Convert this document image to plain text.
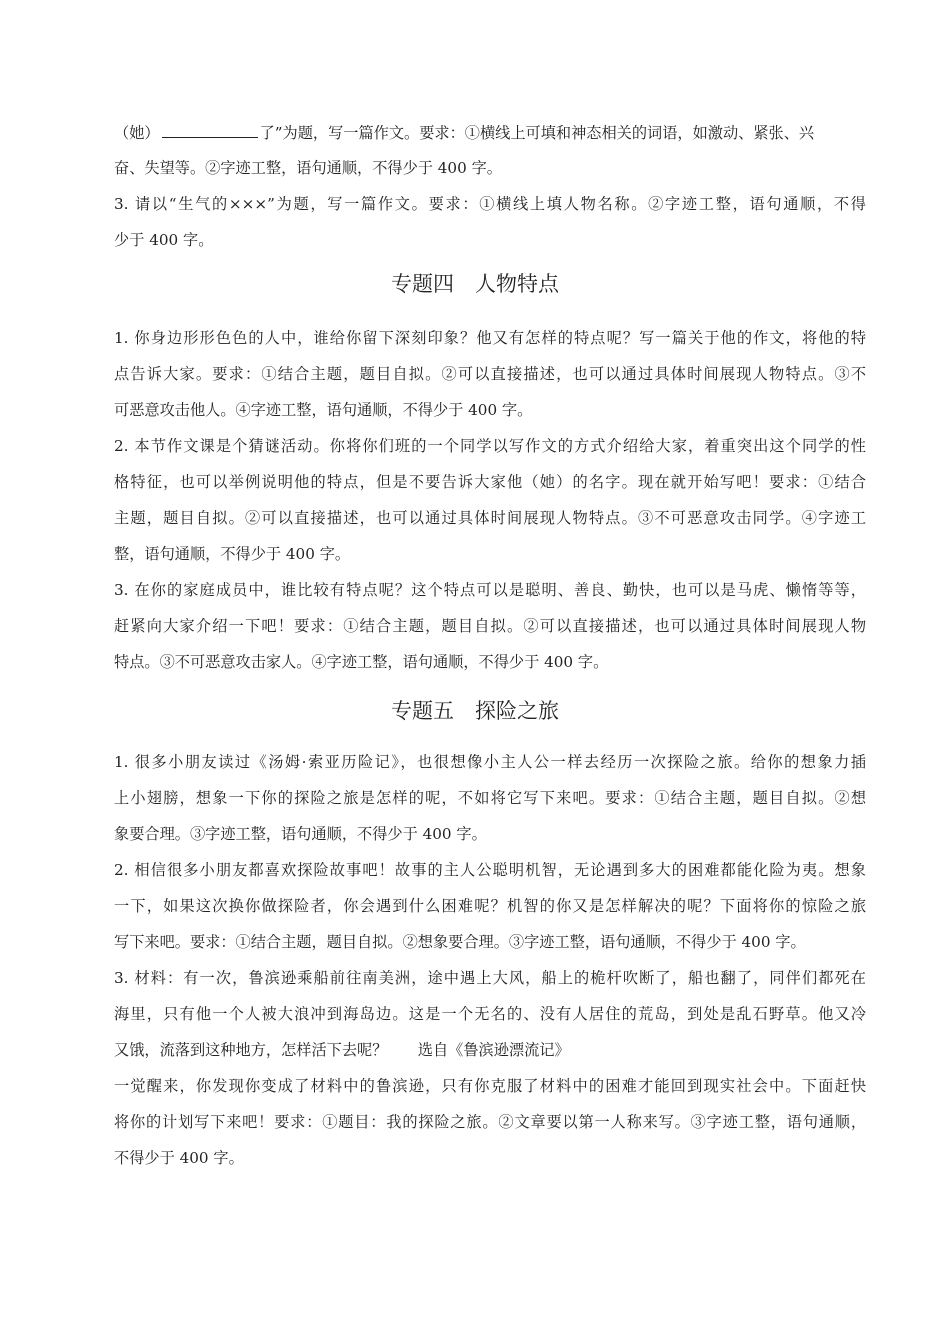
（她）	了”为题，写一篇作文。要求：①横线上可填和神态相关的词语，如激动、紧张、兴
奋、失望等。②字迹工整，语句通顺，不得少于 400 字。
3. 请以“生气的×××”为题，写一篇作文。要求：①横线上填人物名称。②字迹工整，语句通顺，不得
少于 400 字。
专题四　人物特点
1. 你身边形形色色的人中，谁给你留下深刻印象？他又有怎样的特点呢？写一篇关于他的作文，将他的特
点告诉大家。要求：①结合主题，题目自拟。②可以直接描述，也可以通过具体时间展现人物特点。③不
可恶意攻击他人。④字迹工整，语句通顺，不得少于 400 字。
2. 本节作文课是个猜谜活动。你将你们班的一个同学以写作文的方式介绍给大家，着重突出这个同学的性
格特征，也可以举例说明他的特点，但是不要告诉大家他（她）的名字。现在就开始写吧！要求：①结合
主题，题目自拟。②可以直接描述，也可以通过具体时间展现人物特点。③不可恶意攻击同学。④字迹工
整，语句通顺，不得少于 400 字。
3. 在你的家庭成员中，谁比较有特点呢？这个特点可以是聪明、善良、勤快，也可以是马虎、懒惰等等，
赶紧向大家介绍一下吧！要求：①结合主题，题目自拟。②可以直接描述，也可以通过具体时间展现人物
特点。③不可恶意攻击家人。④字迹工整，语句通顺，不得少于 400 字。
专题五　探险之旅
1. 很多小朋友读过《汤姆·索亚历险记》，也很想像小主人公一样去经历一次探险之旅。给你的想象力插
上小翅膀，想象一下你的探险之旅是怎样的呢，不如将它写下来吧。要求：①结合主题，题目自拟。②想
象要合理。③字迹工整，语句通顺，不得少于 400 字。
2. 相信很多小朋友都喜欢探险故事吧！故事的主人公聪明机智，无论遇到多大的困难都能化险为夷。想象
一下，如果这次换你做探险者，你会遇到什么困难呢？机智的你又是怎样解决的呢？下面将你的惊险之旅
写下来吧。要求：①结合主题，题目自拟。②想象要合理。③字迹工整，语句通顺，不得少于 400 字。
3. 材料：有一次，鲁滨逊乘船前往南美洲，途中遇上大风，船上的桅杆吹断了，船也翻了，同伴们都死在
海里，只有他一个人被大浪冲到海岛边。这是一个无名的、没有人居住的荒岛，到处是乱石野草。他又冷
又饿，流落到这种地方，怎样活下去呢？　　选自《鲁滨逊漂流记》
一觉醒来，你发现你变成了材料中的鲁滨逊，只有你克服了材料中的困难才能回到现实社会中。下面赶快
将你的计划写下来吧！要求：①题目：我的探险之旅。②文章要以第一人称来写。③字迹工整，语句通顺，
不得少于 400 字。
